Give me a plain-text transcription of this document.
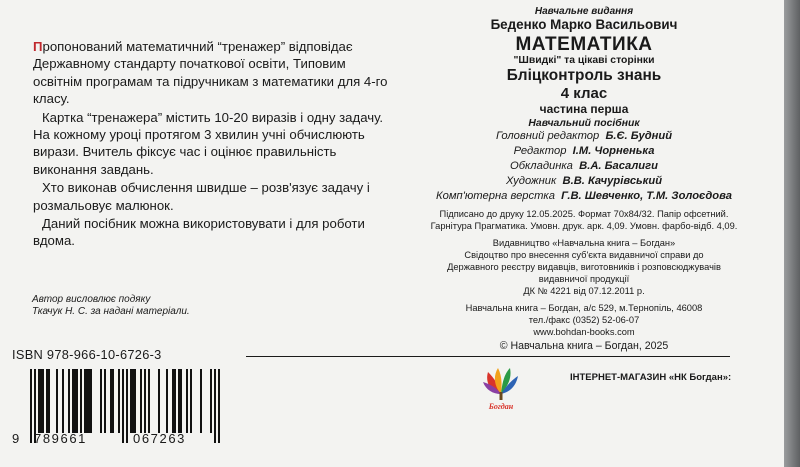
Пропонований математичний “тренажер” відповідає Державному стандарту початкової освіти, Типовим освітнім програмам та підручникам з математики для 4-го класу.

Картка “тренажера” містить 10-20 виразів і одну задачу. На кожному уроці протягом 3 хвилин учні обчислюють вирази. Вчитель фіксує час і оцінює правильність виконання завдань.

Хто виконав обчислення швидше – розв'язує задачу і розмальовує малюнок.

Даний посібник можна використовувати і для роботи вдома.

Автор висловлює подяку
Ткачук Н. С. за надані матеріали.
ISBN 978-966-10-6726-3
9 789661	067263
Навчальне видання
Беденко Марко Васильович
МАТЕМАТИКА
"Швидкі" та цікаві сторінки
Бліцконтроль знань
4 клас
частина перша
Навчальний посібник
Головний редактор Б.Є. Будний
Редактор І.М. Чорненька
Обкладинка В.А. Басалиги
Художник В.В. Качурівський
Комп'ютерна верстка Г.В. Шевченко, Т.М. Золоєдова
Підписано до друку 12.05.2025. Формат 70х84/32. Папір офсетний.
Гарнітура Прагматика. Умовн. друк. арк. 4,09. Умовн. фарбо-відб. 4,09.
Видавництво «Навчальна книга – Богдан»
Свідоцтво про внесення суб'єкта видавничої справи до
Державного реєстру видавців, виготовників і розповсюджувачів
видавничої продукції
ДК № 4221 від 07.12.2011 р.
Навчальна книга – Богдан, а/с 529, м.Тернопіль, 46008
тел./факс (0352) 52-06-07
www.bohdan-books.com
© Навчальна книга – Богдан, 2025
Богдан
ІНТЕРНЕТ-МАГАЗИН «НК Богдан»:
